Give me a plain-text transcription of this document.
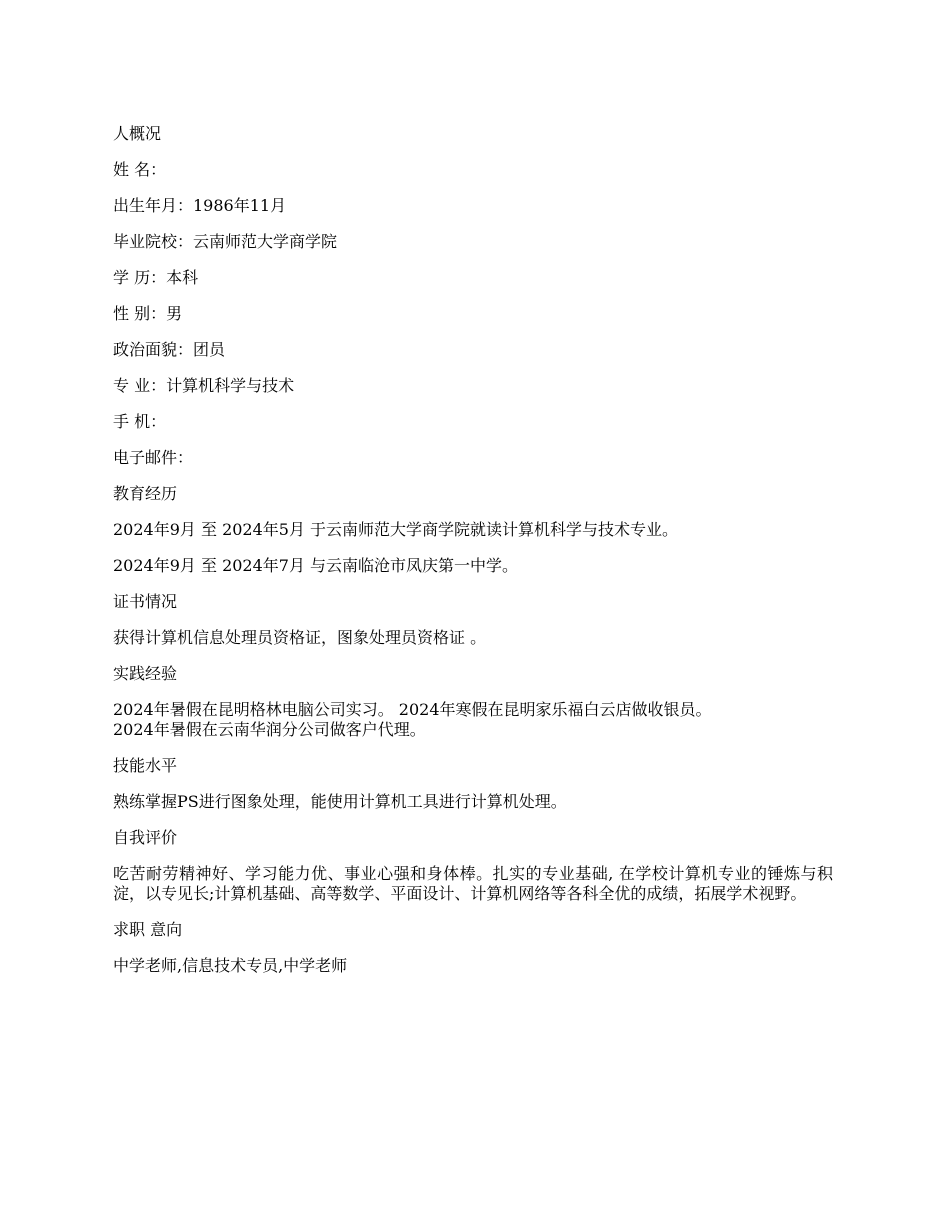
人概况
姓 名：
出生年月：1986年11月
毕业院校：云南师范大学商学院
学 历：本科
性 别：男
政治面貌：团员
专 业：计算机科学与技术
手 机：
电子邮件：
教育经历
2024年9月 至 2024年5月 于云南师范大学商学院就读计算机科学与技术专业。
2024年9月 至 2024年7月 与云南临沧市凤庆第一中学。
证书情况
获得计算机信息处理员资格证，图象处理员资格证 。
实践经验
2024年暑假在昆明格林电脑公司实习。 2024年寒假在昆明家乐福白云店做收银员。
2024年暑假在云南华润分公司做客户代理。
技能水平
熟练掌握PS进行图象处理，能使用计算机工具进行计算机处理。
自我评价
吃苦耐劳精神好、学习能力优、事业心强和身体棒。扎实的专业基础, 在学校计算机专业的锤炼与积淀，以专见长;计算机基础、高等数学、平面设计、计算机网络等各科全优的成绩，拓展学术视野。
求职 意向
中学老师,信息技术专员,中学老师
